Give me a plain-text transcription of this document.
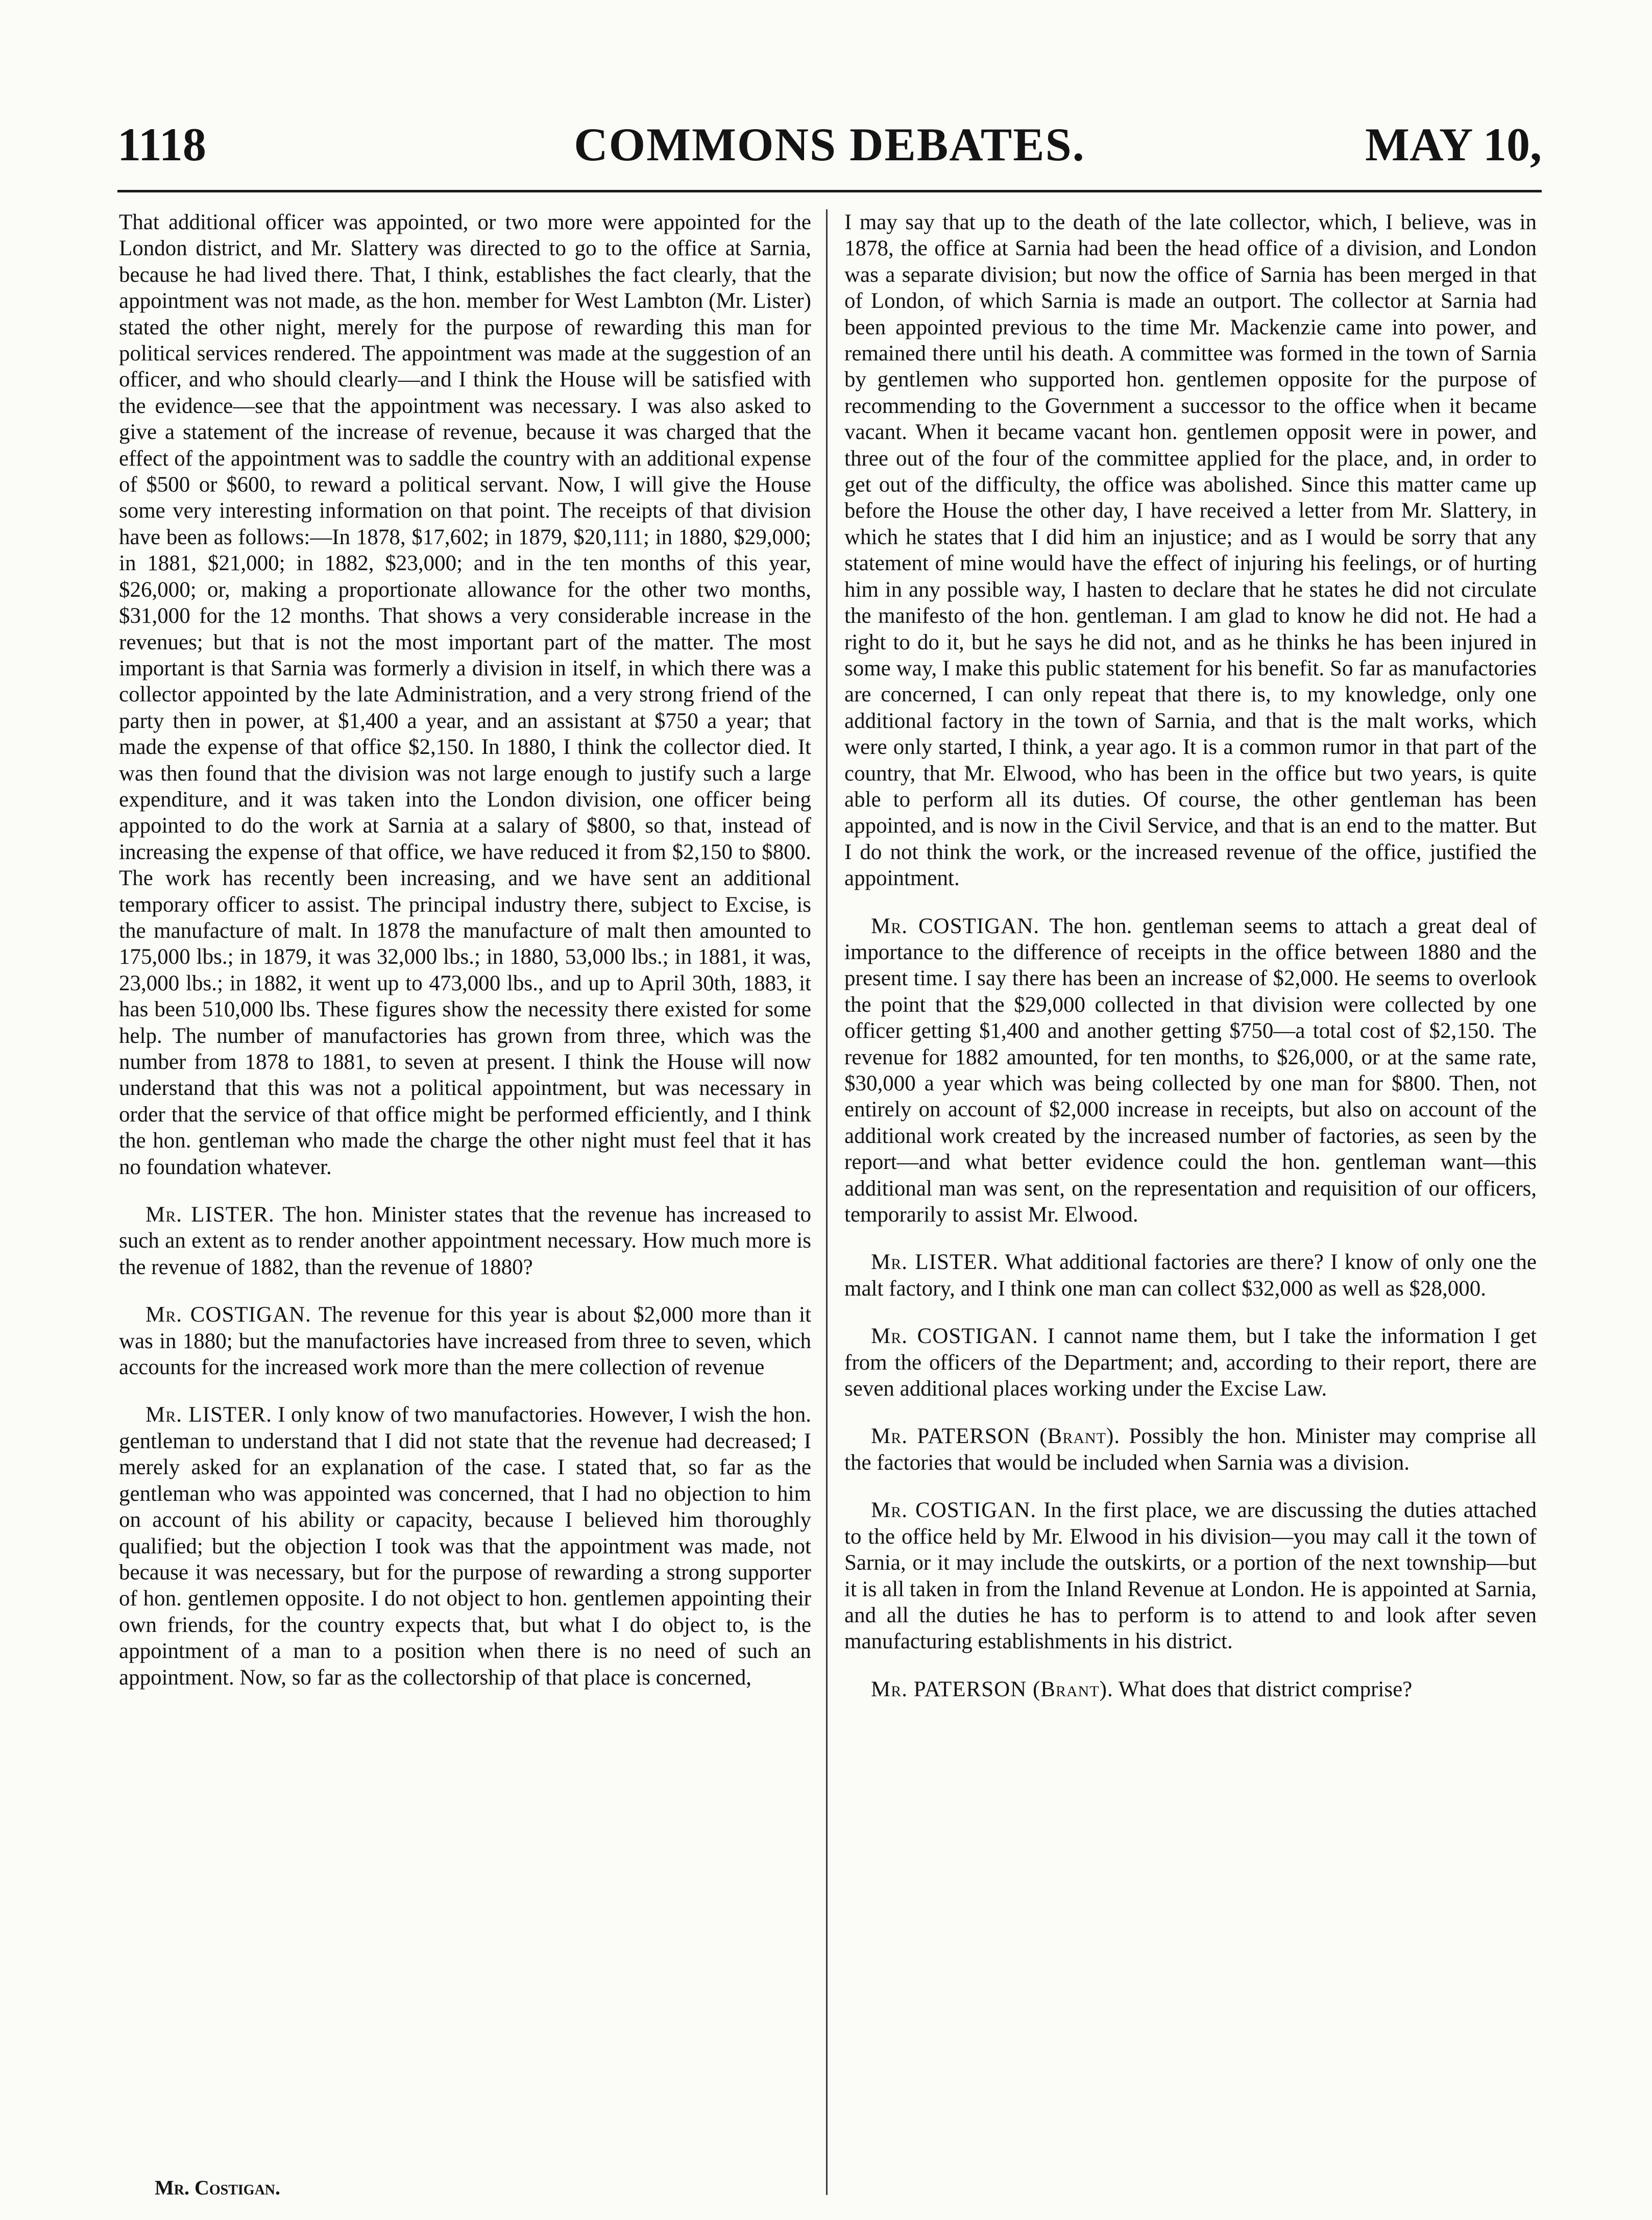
1118	COMMONS DEBATES.	MAY 10,

That additional officer was appointed, or two more were appointed for the London district, and Mr. Slattery was directed to go to the office at Sarnia, because he had lived there. That, I think, establishes the fact clearly, that the appointment was not made, as the hon. member for West Lambton (Mr. Lister) stated the other night, merely for the purpose of rewarding this man for political services rendered. The appointment was made at the suggestion of an officer, and who should clearly—and I think the House will be satisfied with the evidence—see that the appointment was necessary. I was also asked to give a statement of the increase of revenue, because it was charged that the effect of the appointment was to saddle the country with an additional expense of $500 or $600, to reward a political servant. Now, I will give the House some very interesting information on that point. The receipts of that division have been as follows:—In 1878, $17,602; in 1879, $20,111; in 1880, $29,000; in 1881, $21,000; in 1882, $23,000; and in the ten months of this year, $26,000; or, making a proportionate allowance for the other two months, $31,000 for the 12 months. That shows a very considerable increase in the revenues; but that is not the most important part of the matter. The most important is that Sarnia was formerly a division in itself, in which there was a collector appointed by the late Administration, and a very strong friend of the party then in power, at $1,400 a year, and an assistant at $750 a year; that made the expense of that office $2,150. In 1880, I think the collector died. It was then found that the division was not large enough to justify such a large expenditure, and it was taken into the London division, one officer being appointed to do the work at Sarnia at a salary of $800, so that, instead of increasing the expense of that office, we have reduced it from $2,150 to $800. The work has recently been increasing, and we have sent an additional temporary officer to assist. The principal industry there, subject to Excise, is the manufacture of malt. In 1878 the manufacture of malt then amounted to 175,000 lbs.; in 1879, it was 32,000 lbs.; in 1880, 53,000 lbs.; in 1881, it was, 23,000 lbs.; in 1882, it went up to 473,000 lbs., and up to April 30th, 1883, it has been 510,000 lbs. These figures show the necessity there existed for some help. The number of manufactories has grown from three, which was the number from 1878 to 1881, to seven at present. I think the House will now understand that this was not a political appointment, but was necessary in order that the service of that office might be performed efficiently, and I think the hon. gentleman who made the charge the other night must feel that it has no foundation whatever.

Mr. LISTER. The hon. Minister states that the revenue has increased to such an extent as to render another appointment necessary. How much more is the revenue of 1882, than the revenue of 1880?

Mr. COSTIGAN. The revenue for this year is about $2,000 more than it was in 1880; but the manufactories have increased from three to seven, which accounts for the increased work more than the mere collection of revenue

Mr. LISTER. I only know of two manufactories. However, I wish the hon. gentleman to understand that I did not state that the revenue had decreased; I merely asked for an explanation of the case. I stated that, so far as the gentleman who was appointed was concerned, that I had no objection to him on account of his ability or capacity, because I believed him thoroughly qualified; but the objection I took was that the appointment was made, not because it was necessary, but for the purpose of rewarding a strong supporter of hon. gentlemen opposite. I do not object to hon. gentlemen appointing their own friends, for the country expects that, but what I do object to, is the appointment of a man to a position when there is no need of such an appointment. Now, so far as the collectorship of that place is concerned,

I may say that up to the death of the late collector, which, I believe, was in 1878, the office at Sarnia had been the head office of a division, and London was a separate division; but now the office of Sarnia has been merged in that of London, of which Sarnia is made an outport. The collector at Sarnia had been appointed previous to the time Mr. Mackenzie came into power, and remained there until his death. A committee was formed in the town of Sarnia by gentlemen who supported hon. gentlemen opposite for the purpose of recommending to the Government a successor to the office when it became vacant. When it became vacant hon. gentlemen opposit were in power, and three out of the four of the committee applied for the place, and, in order to get out of the difficulty, the office was abolished. Since this matter came up before the House the other day, I have received a letter from Mr. Slattery, in which he states that I did him an injustice; and as I would be sorry that any statement of mine would have the effect of injuring his feelings, or of hurting him in any possible way, I hasten to declare that he states he did not circulate the manifesto of the hon. gentleman. I am glad to know he did not. He had a right to do it, but he says he did not, and as he thinks he has been injured in some way, I make this public statement for his benefit. So far as manufactories are concerned, I can only repeat that there is, to my knowledge, only one additional factory in the town of Sarnia, and that is the malt works, which were only started, I think, a year ago. It is a common rumor in that part of the country, that Mr. Elwood, who has been in the office but two years, is quite able to perform all its duties. Of course, the other gentleman has been appointed, and is now in the Civil Service, and that is an end to the matter. But I do not think the work, or the increased revenue of the office, justified the appointment.

Mr. COSTIGAN. The hon. gentleman seems to attach a great deal of importance to the difference of receipts in the office between 1880 and the present time. I say there has been an increase of $2,000. He seems to overlook the point that the $29,000 collected in that division were collected by one officer getting $1,400 and another getting $750—a total cost of $2,150. The revenue for 1882 amounted, for ten months, to $26,000, or at the same rate, $30,000 a year which was being collected by one man for $800. Then, not entirely on account of $2,000 increase in receipts, but also on account of the additional work created by the increased number of factories, as seen by the report—and what better evidence could the hon. gentleman want—this additional man was sent, on the representation and requisition of our officers, temporarily to assist Mr. Elwood.

Mr. LISTER. What additional factories are there? I know of only one the malt factory, and I think one man can collect $32,000 as well as $28,000.

Mr. COSTIGAN. I cannot name them, but I take the information I get from the officers of the Department; and, according to their report, there are seven additional places working under the Excise Law.

Mr. PATERSON (Brant). Possibly the hon. Minister may comprise all the factories that would be included when Sarnia was a division.

Mr. COSTIGAN. In the first place, we are discussing the duties attached to the office held by Mr. Elwood in his division—you may call it the town of Sarnia, or it may include the outskirts, or a portion of the next township—but it is all taken in from the Inland Revenue at London. He is appointed at Sarnia, and all the duties he has to perform is to attend to and look after seven manufacturing establishments in his district.

Mr. PATERSON (Brant). What does that district comprise?

Mr. Costigan.
